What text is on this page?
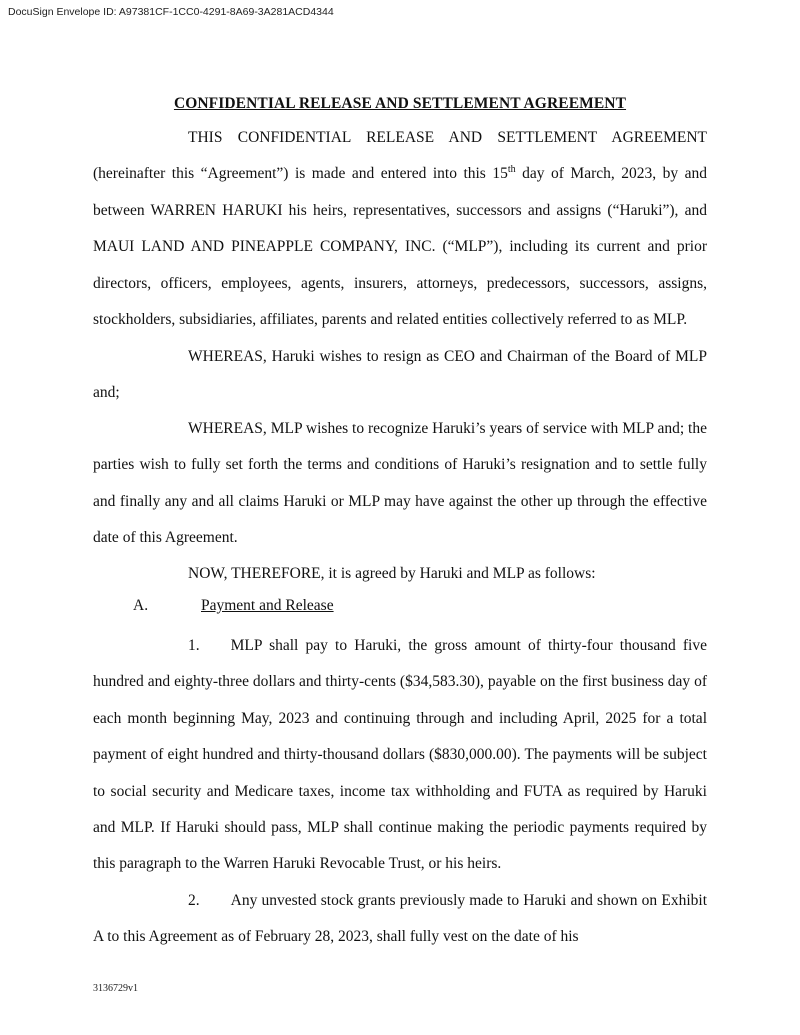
DocuSign Envelope ID: A97381CF-1CC0-4291-8A69-3A281ACD4344
CONFIDENTIAL RELEASE AND SETTLEMENT AGREEMENT

THIS CONFIDENTIAL RELEASE AND SETTLEMENT AGREEMENT (hereinafter this “Agreement”) is made and entered into this 15th day of March, 2023, by and between WARREN HARUKI his heirs, representatives, successors and assigns (“Haruki”), and MAUI LAND AND PINEAPPLE COMPANY, INC. (“MLP”), including its current and prior directors, officers, employees, agents, insurers, attorneys, predecessors, successors, assigns, stockholders, subsidiaries, affiliates, parents and related entities collectively referred to as MLP.

WHEREAS, Haruki wishes to resign as CEO and Chairman of the Board of MLP and;

WHEREAS, MLP wishes to recognize Haruki’s years of service with MLP and; the parties wish to fully set forth the terms and conditions of Haruki’s resignation and to settle fully and finally any and all claims Haruki or MLP may have against the other up through the effective date of this Agreement.

NOW, THEREFORE, it is agreed by Haruki and MLP as follows:

A.	Payment and Release

1.  MLP shall pay to Haruki, the gross amount of thirty-four thousand five hundred and eighty-three dollars and thirty-cents ($34,583.30), payable on the first business day of each month beginning May, 2023 and continuing through and including April, 2025 for a total payment of eight hundred and thirty-thousand dollars ($830,000.00). The payments will be subject to social security and Medicare taxes, income tax withholding and FUTA as required by Haruki and MLP. If Haruki should pass, MLP shall continue making the periodic payments required by this paragraph to the Warren Haruki Revocable Trust, or his heirs.

2.  Any unvested stock grants previously made to Haruki and shown on Exhibit A to this Agreement as of February 28, 2023, shall fully vest on the date of his

3136729v1
